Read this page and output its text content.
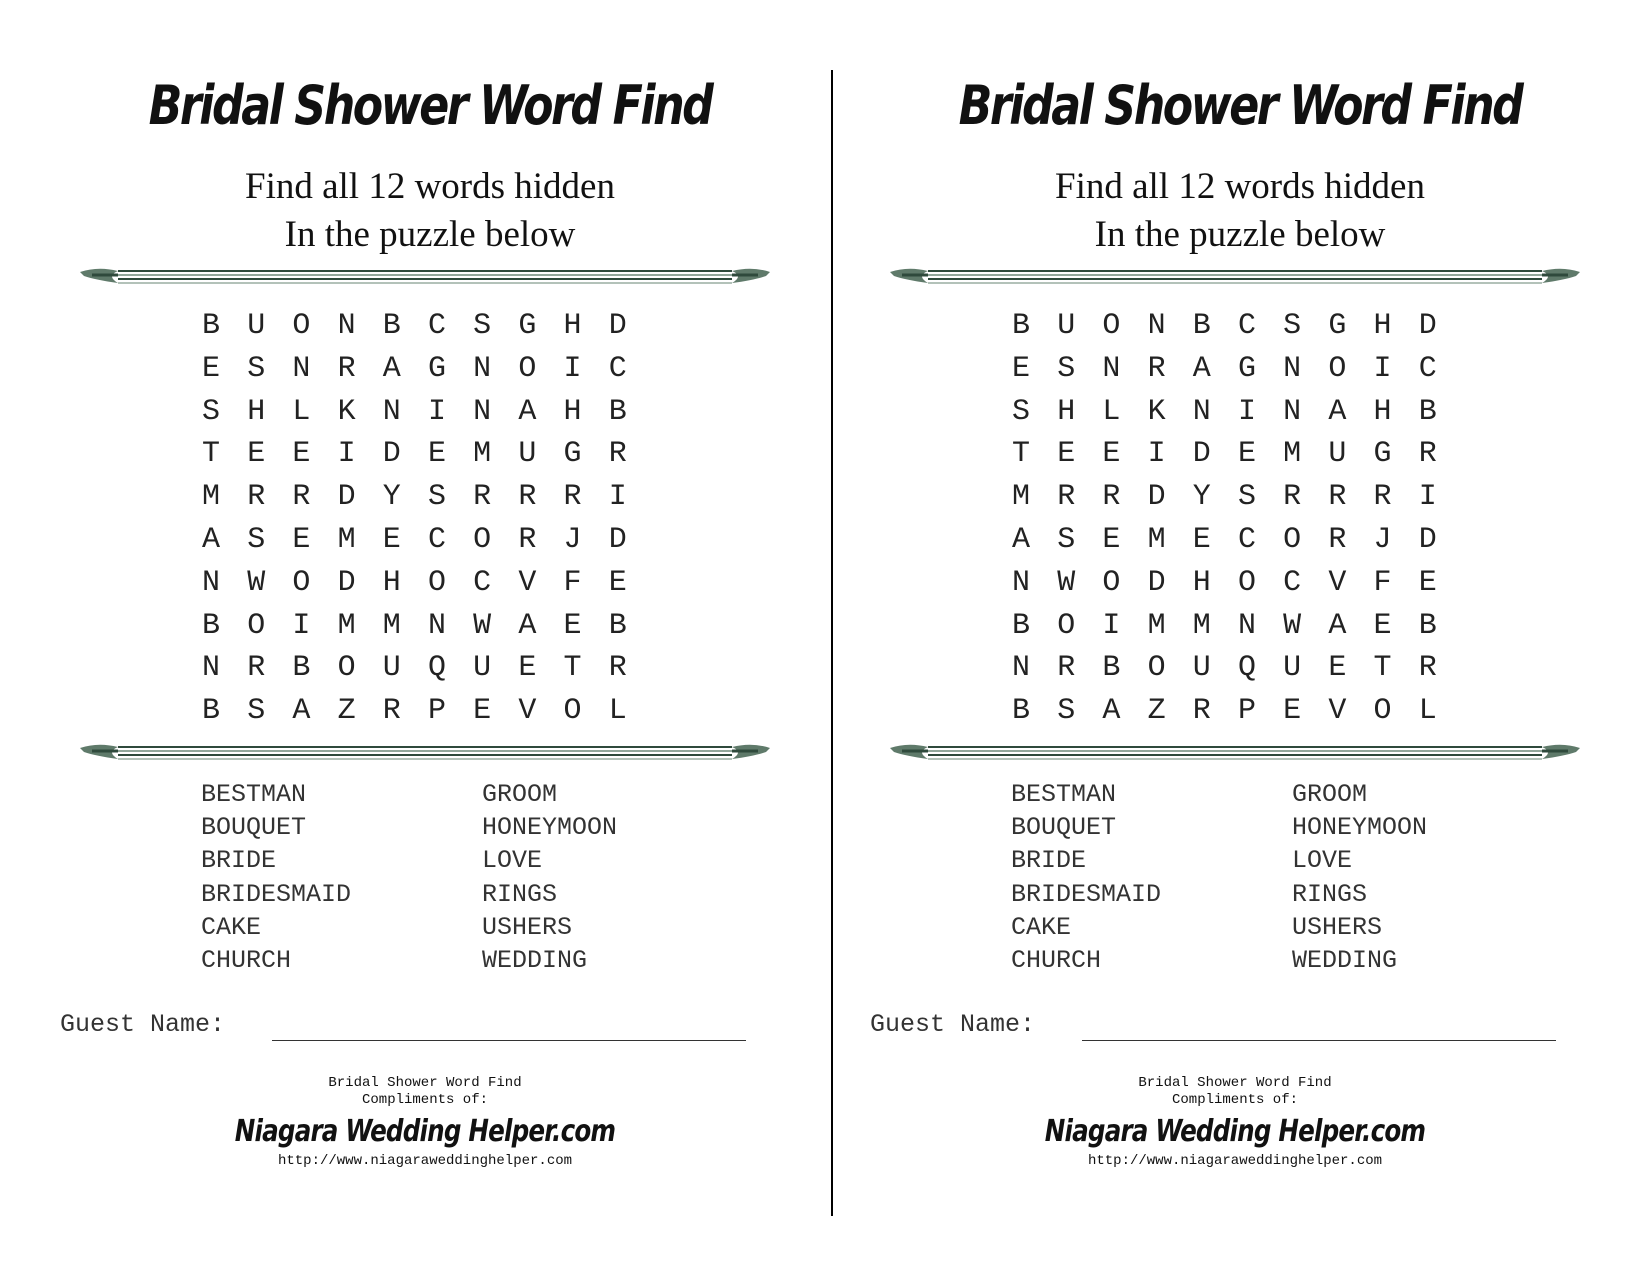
Bridal Shower Word Find
Find all 12 words hidden
In the puzzle below
B U O N B C S G H D
E S N R A G N O I C
S H L K N I N A H B
T E E I D E M U G R
M R R D Y S R R R I
A S E M E C O R J D
N W O D H O C V F E
B O I M M N W A E B
N R B O U Q U E T R
B S A Z R P E V O L
BESTMAN
BOUQUET
BRIDE
BRIDESMAID
CAKE
CHURCH
GROOM
HONEYMOON
LOVE
RINGS
USHERS
WEDDING
Guest Name:
Bridal Shower Word Find
Compliments of:
Niagara Wedding Helper.com
http://www.niagaraweddinghelper.com
Bridal Shower Word Find
Find all 12 words hidden
In the puzzle below
B U O N B C S G H D
E S N R A G N O I C
S H L K N I N A H B
T E E I D E M U G R
M R R D Y S R R R I
A S E M E C O R J D
N W O D H O C V F E
B O I M M N W A E B
N R B O U Q U E T R
B S A Z R P E V O L
BESTMAN
BOUQUET
BRIDE
BRIDESMAID
CAKE
CHURCH
GROOM
HONEYMOON
LOVE
RINGS
USHERS
WEDDING
Guest Name:
Bridal Shower Word Find
Compliments of:
Niagara Wedding Helper.com
http://www.niagaraweddinghelper.com
